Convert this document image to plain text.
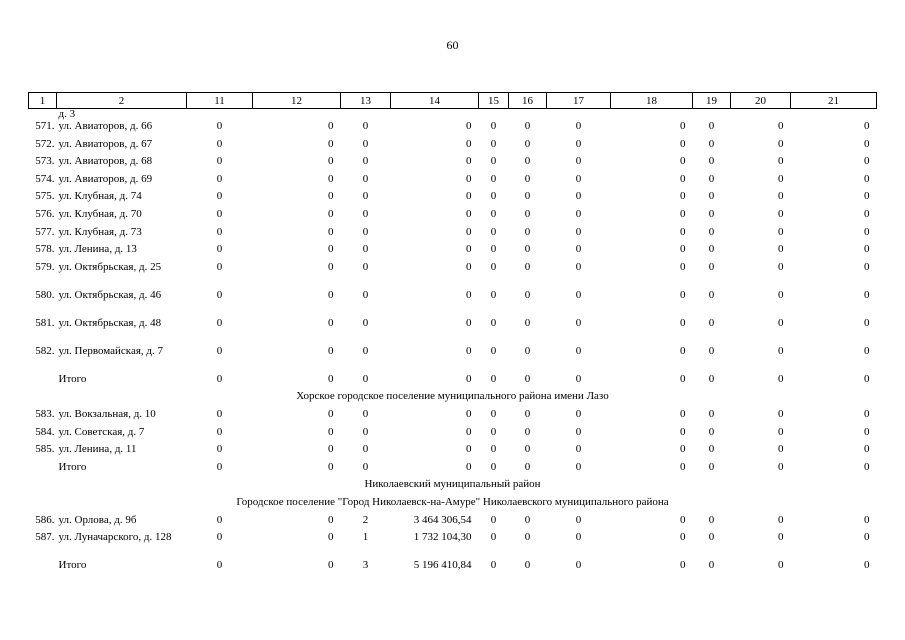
60
1	2	11	12	13	14	15	16	17	18	19	20	21
	д. 3											
571.	ул. Авиаторов, д. 66	0	0	0	0	0	0	0	0	0	0	0
572.	ул. Авиаторов, д. 67	0	0	0	0	0	0	0	0	0	0	0
573.	ул. Авиаторов, д. 68	0	0	0	0	0	0	0	0	0	0	0
574.	ул. Авиаторов, д. 69	0	0	0	0	0	0	0	0	0	0	0
575.	ул. Клубная, д. 74	0	0	0	0	0	0	0	0	0	0	0
576.	ул. Клубная, д. 70	0	0	0	0	0	0	0	0	0	0	0
577.	ул. Клубная, д. 73	0	0	0	0	0	0	0	0	0	0	0
578.	ул. Ленина, д. 13	0	0	0	0	0	0	0	0	0	0	0
579.	ул. Октябрьская, д. 25	0	0	0	0	0	0	0	0	0	0	0
580.	ул. Октябрьская, д. 46	0	0	0	0	0	0	0	0	0	0	0
581.	ул. Октябрьская, д. 48	0	0	0	0	0	0	0	0	0	0	0
582.	ул. Первомайская, д. 7	0	0	0	0	0	0	0	0	0	0	0
	Итого	0	0	0	0	0	0	0	0	0	0	0
Хорское городское поселение муниципального района имени Лазо												
583.	ул. Вокзальная, д. 10	0	0	0	0	0	0	0	0	0	0	0
584.	ул. Советская, д. 7	0	0	0	0	0	0	0	0	0	0	0
585.	ул. Ленина, д. 11	0	0	0	0	0	0	0	0	0	0	0
	Итого	0	0	0	0	0	0	0	0	0	0	0
Николаевский муниципальный район												
Городское поселение "Город Николаевск-на-Амуре" Николаевского муниципального района												
586.	ул. Орлова, д. 9б	0	0	2	3 464 306,54	0	0	0	0	0	0	0
587.	ул. Луначарского, д. 128	0	0	1	1 732 104,30	0	0	0	0	0	0	0
	Итого	0	0	3	5 196 410,84	0	0	0	0	0	0	0
